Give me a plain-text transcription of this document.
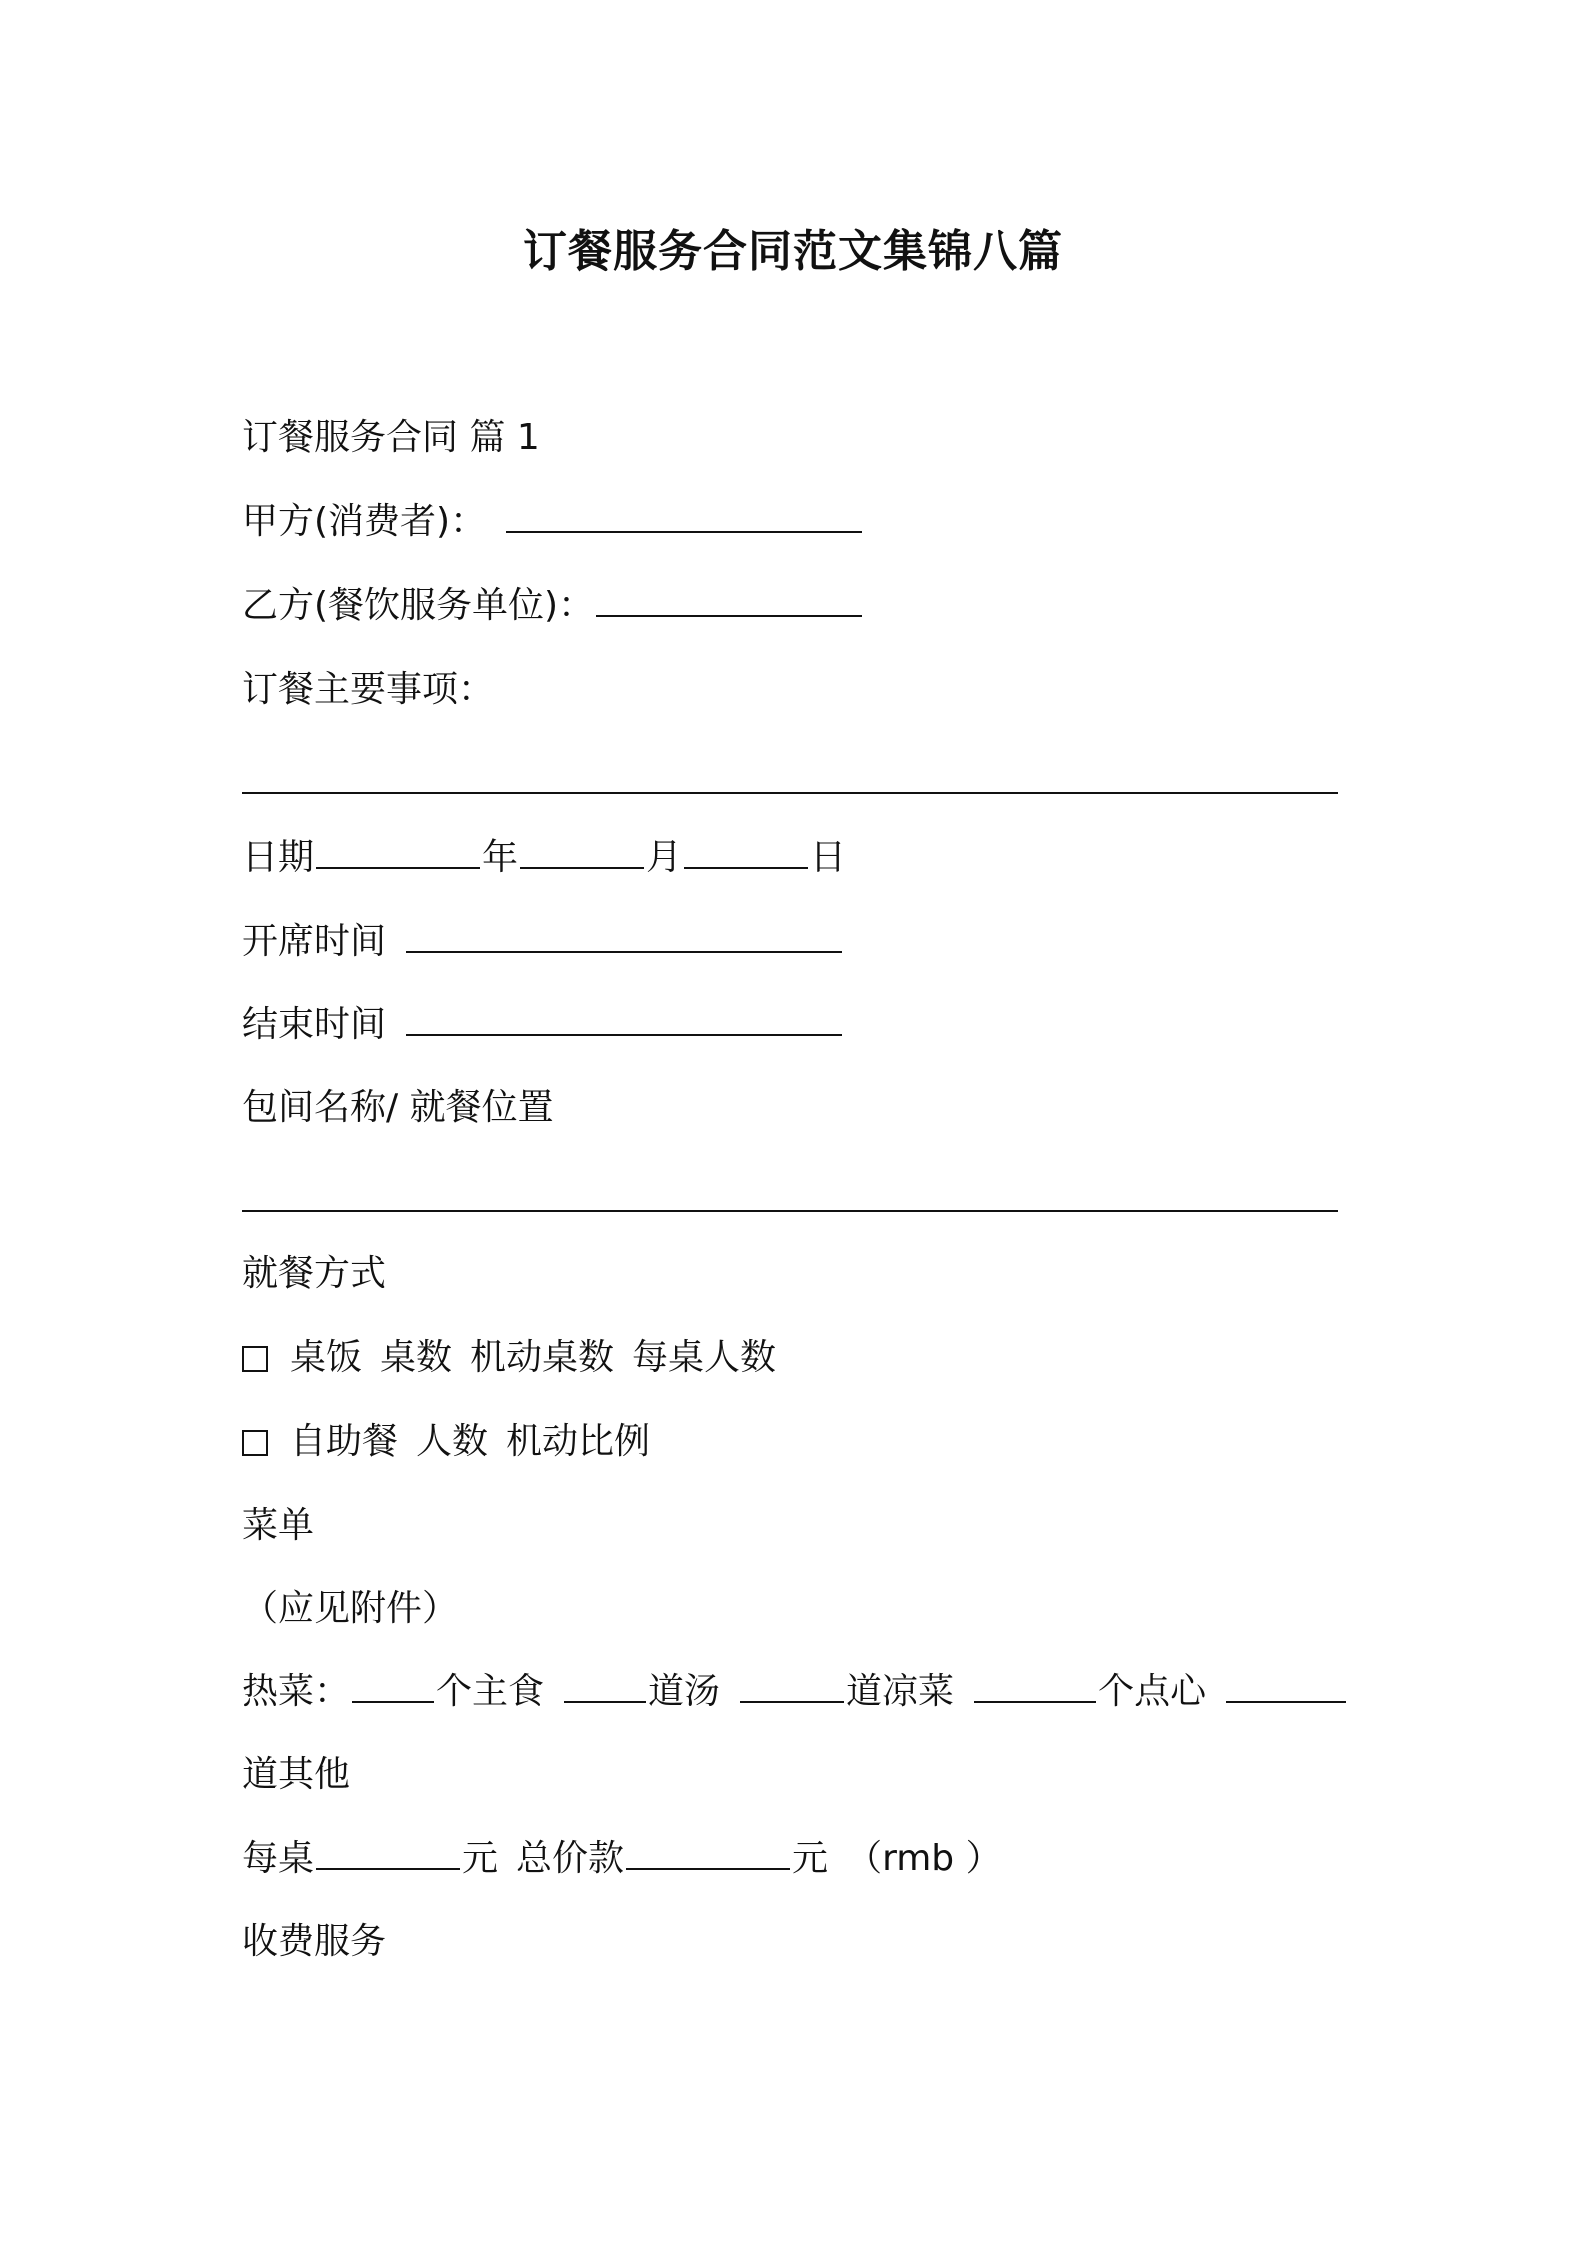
订餐服务合同范文集锦八篇
订餐服务合同 篇 1
甲方(消费者)：
乙方(餐饮服务单位)：
订餐主要事项：
日期	年	月	日
开席时间
结束时间
包间名称/ 就餐位置
就餐方式
桌饭 桌数 机动桌数 每桌人数
自助餐 人数 机动比例
菜单
（应见附件）
热菜： 个主食	道汤	道凉菜	个点心
道其他
每桌	元 总价款	元 （rmb ）
收费服务
